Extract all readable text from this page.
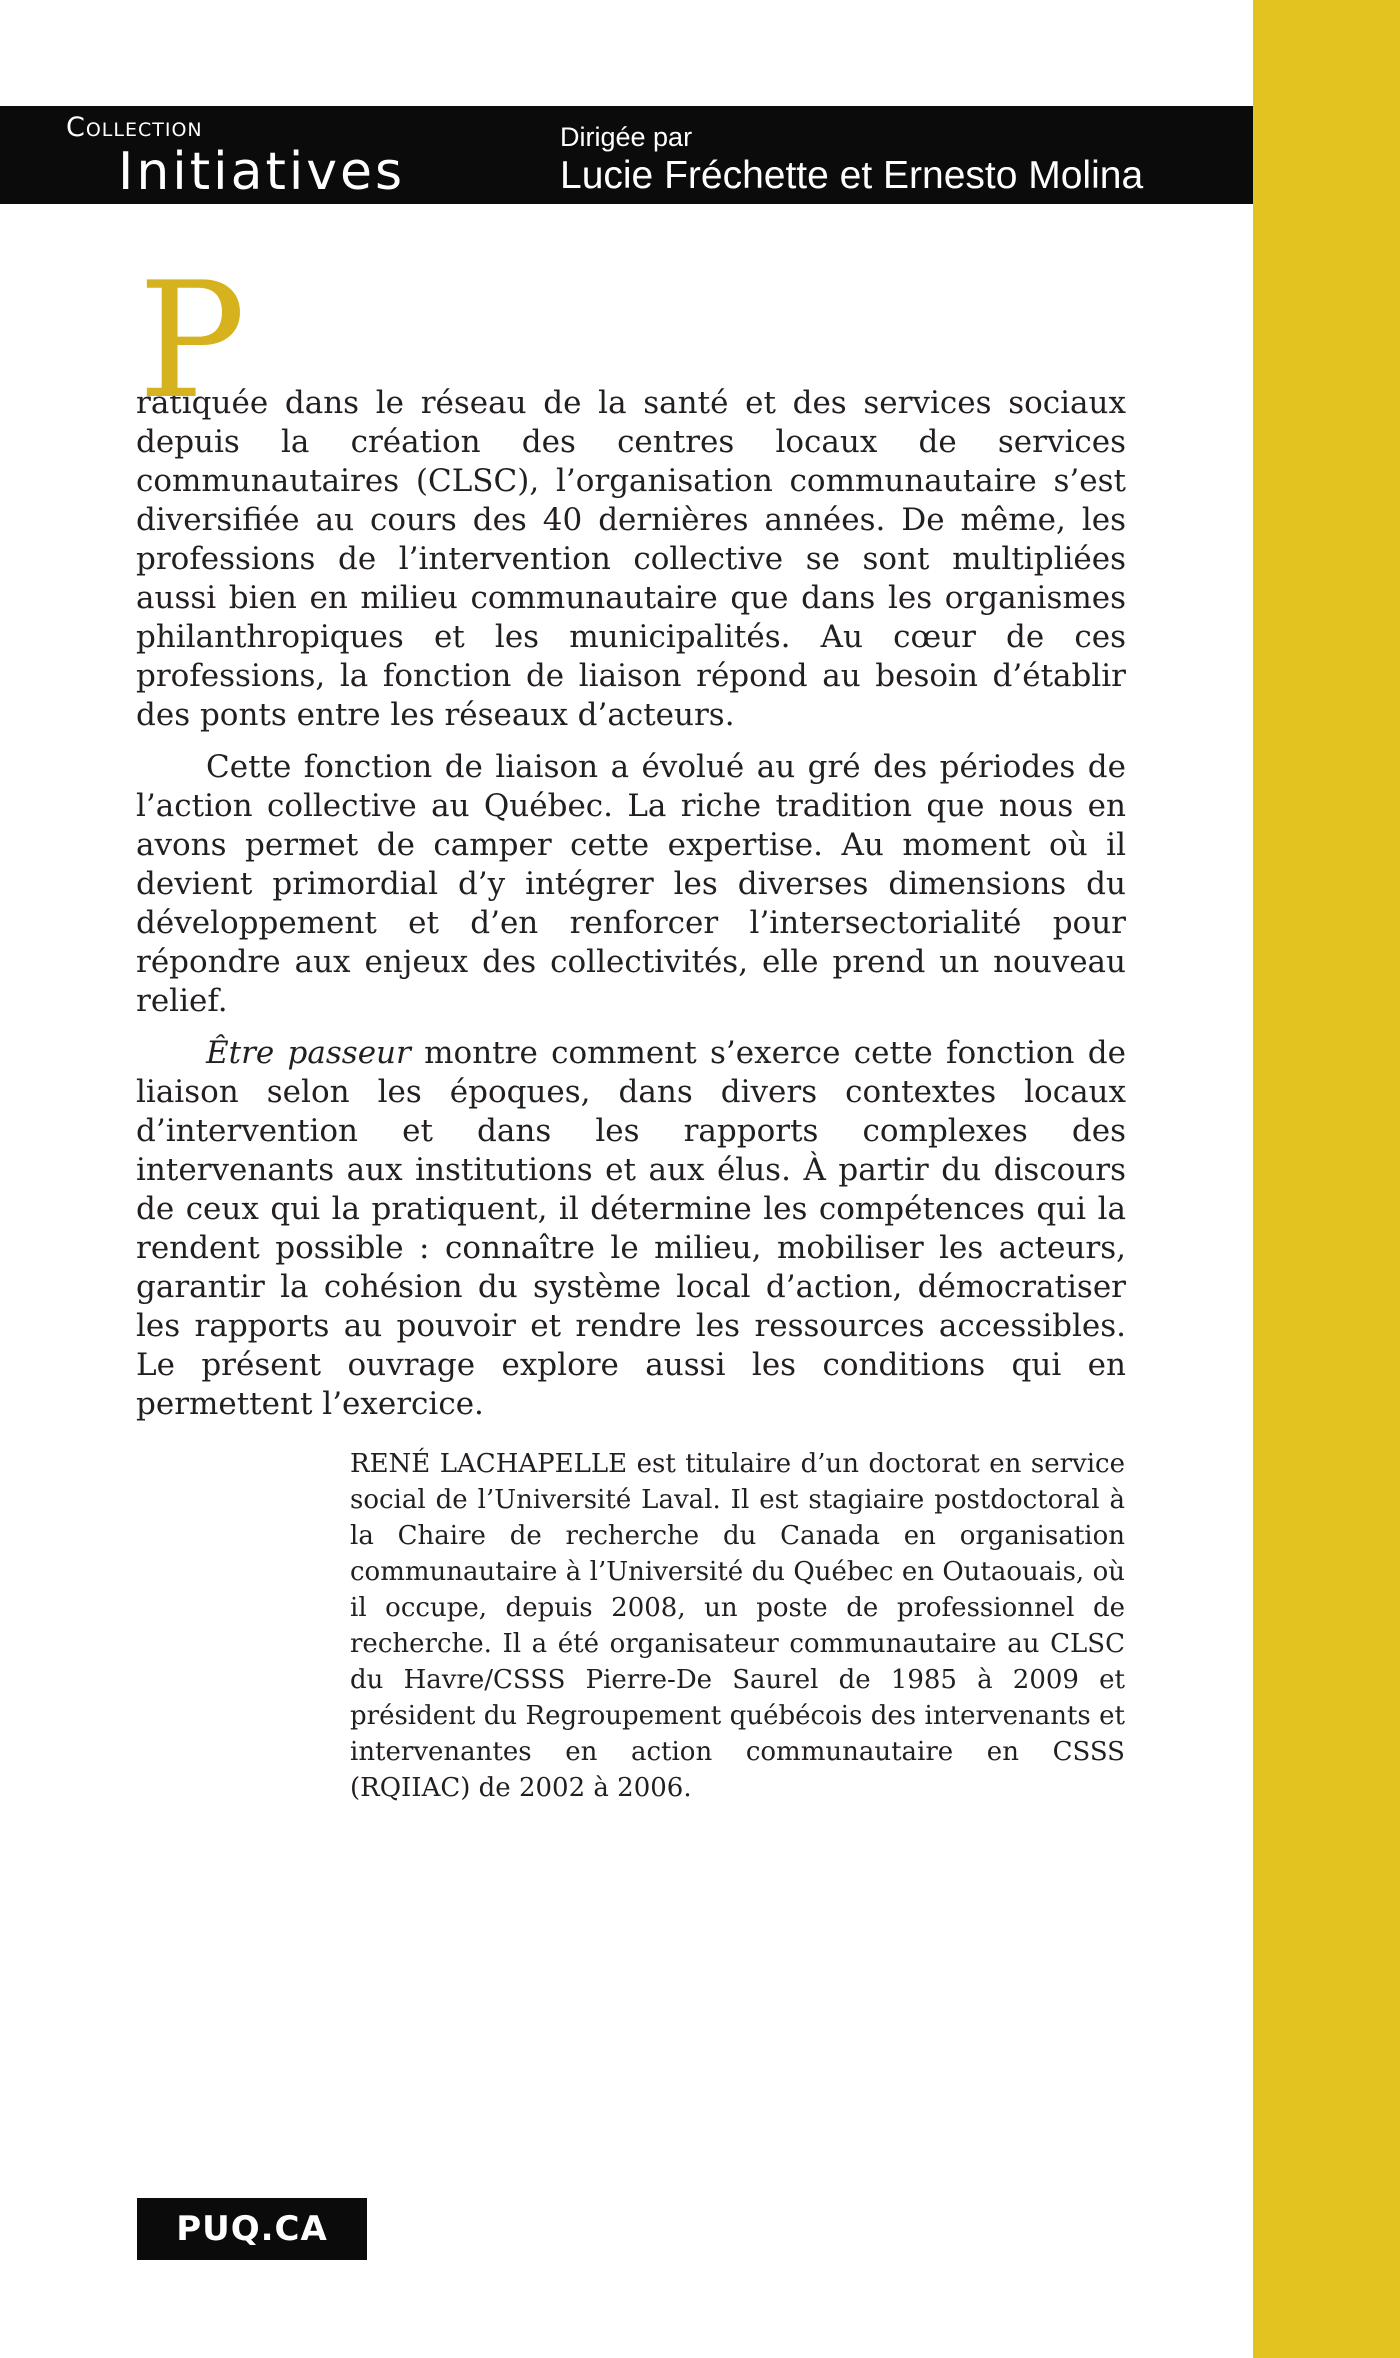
Collection
Initiatives
Dirigée par
Lucie Fréchette et Ernesto Molina

P
ratiquée dans le réseau de la santé et des services sociaux depuis la création des centres locaux de services communautaires (CLSC), l’organisation communautaire s’est diversifiée au cours des 40 dernières années. De même, les professions de l’intervention collective se sont multipliées aussi bien en milieu communautaire que dans les organismes philanthropiques et les municipalités. Au cœur de ces professions, la fonction de liaison répond au besoin d’établir des ponts entre les réseaux d’acteurs.

Cette fonction de liaison a évolué au gré des périodes de l’action collective au Québec. La riche tradition que nous en avons permet de camper cette expertise. Au moment où il devient primordial d’y intégrer les diverses dimensions du développement et d’en renforcer l’intersectorialité pour répondre aux enjeux des collectivités, elle prend un nouveau relief.

Être passeur montre comment s’exerce cette fonction de liaison selon les époques, dans divers contextes locaux d’intervention et dans les rapports complexes des intervenants aux institutions et aux élus. À partir du discours de ceux qui la pratiquent, il détermine les compétences qui la rendent possible : connaître le milieu, mobiliser les acteurs, garantir la cohésion du système local d’action, démocratiser les rapports au pouvoir et rendre les ressources accessibles. Le présent ouvrage explore aussi les conditions qui en permettent l’exercice.

RENÉ LACHAPELLE est titulaire d’un doctorat en service social de l’Université Laval. Il est stagiaire postdoctoral à la Chaire de recherche du Canada en organisation communautaire à l’Université du Québec en Outaouais, où il occupe, depuis 2008, un poste de professionnel de recherche. Il a été organisateur communautaire au CLSC du Havre/CSSS Pierre-De Saurel de 1985 à 2009 et président du Regroupement québécois des intervenants et intervenantes en action communautaire en CSSS (RQIIAC) de 2002 à 2006.

PUQ.CA
